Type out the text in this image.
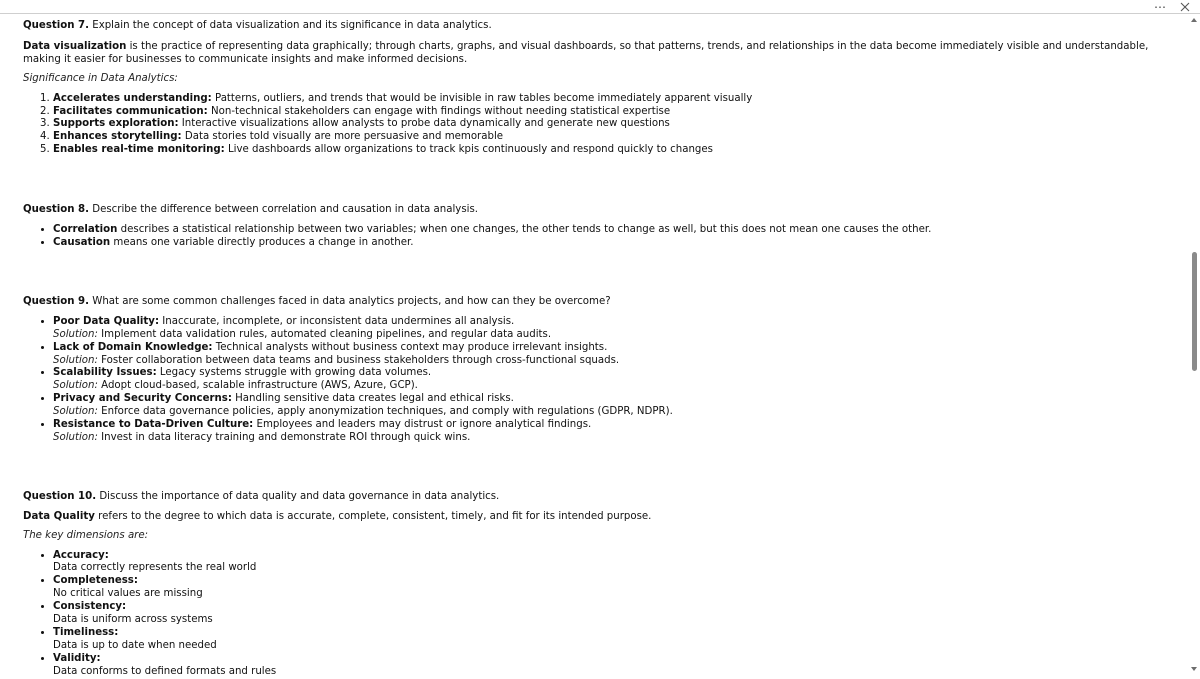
…

Question 7. Explain the concept of data visualization and its significance in data analytics.

Data visualization is the practice of representing data graphically; through charts, graphs, and visual dashboards, so that patterns, trends, and relationships in the data become immediately visible and understandable, making it easier for businesses to communicate insights and make informed decisions.

Significance in Data Analytics:

1. Accelerates understanding: Patterns, outliers, and trends that would be invisible in raw tables become immediately apparent visually
2. Facilitates communication: Non-technical stakeholders can engage with findings without needing statistical expertise
3. Supports exploration: Interactive visualizations allow analysts to probe data dynamically and generate new questions
4. Enhances storytelling: Data stories told visually are more persuasive and memorable
5. Enables real-time monitoring: Live dashboards allow organizations to track kpis continuously and respond quickly to changes

Question 8. Describe the difference between correlation and causation in data analysis.

• Correlation describes a statistical relationship between two variables; when one changes, the other tends to change as well, but this does not mean one causes the other.
• Causation means one variable directly produces a change in another.

Question 9. What are some common challenges faced in data analytics projects, and how can they be overcome?

• Poor Data Quality: Inaccurate, incomplete, or inconsistent data undermines all analysis.
Solution: Implement data validation rules, automated cleaning pipelines, and regular data audits.
• Lack of Domain Knowledge: Technical analysts without business context may produce irrelevant insights.
Solution: Foster collaboration between data teams and business stakeholders through cross-functional squads.
• Scalability Issues: Legacy systems struggle with growing data volumes.
Solution: Adopt cloud-based, scalable infrastructure (AWS, Azure, GCP).
• Privacy and Security Concerns: Handling sensitive data creates legal and ethical risks.
Solution: Enforce data governance policies, apply anonymization techniques, and comply with regulations (GDPR, NDPR).
• Resistance to Data-Driven Culture: Employees and leaders may distrust or ignore analytical findings.
Solution: Invest in data literacy training and demonstrate ROI through quick wins.

Question 10. Discuss the importance of data quality and data governance in data analytics.

Data Quality refers to the degree to which data is accurate, complete, consistent, timely, and fit for its intended purpose.

The key dimensions are:

• Accuracy:
Data correctly represents the real world
• Completeness:
No critical values are missing
• Consistency:
Data is uniform across systems
• Timeliness:
Data is up to date when needed
• Validity:
Data conforms to defined formats and rules
